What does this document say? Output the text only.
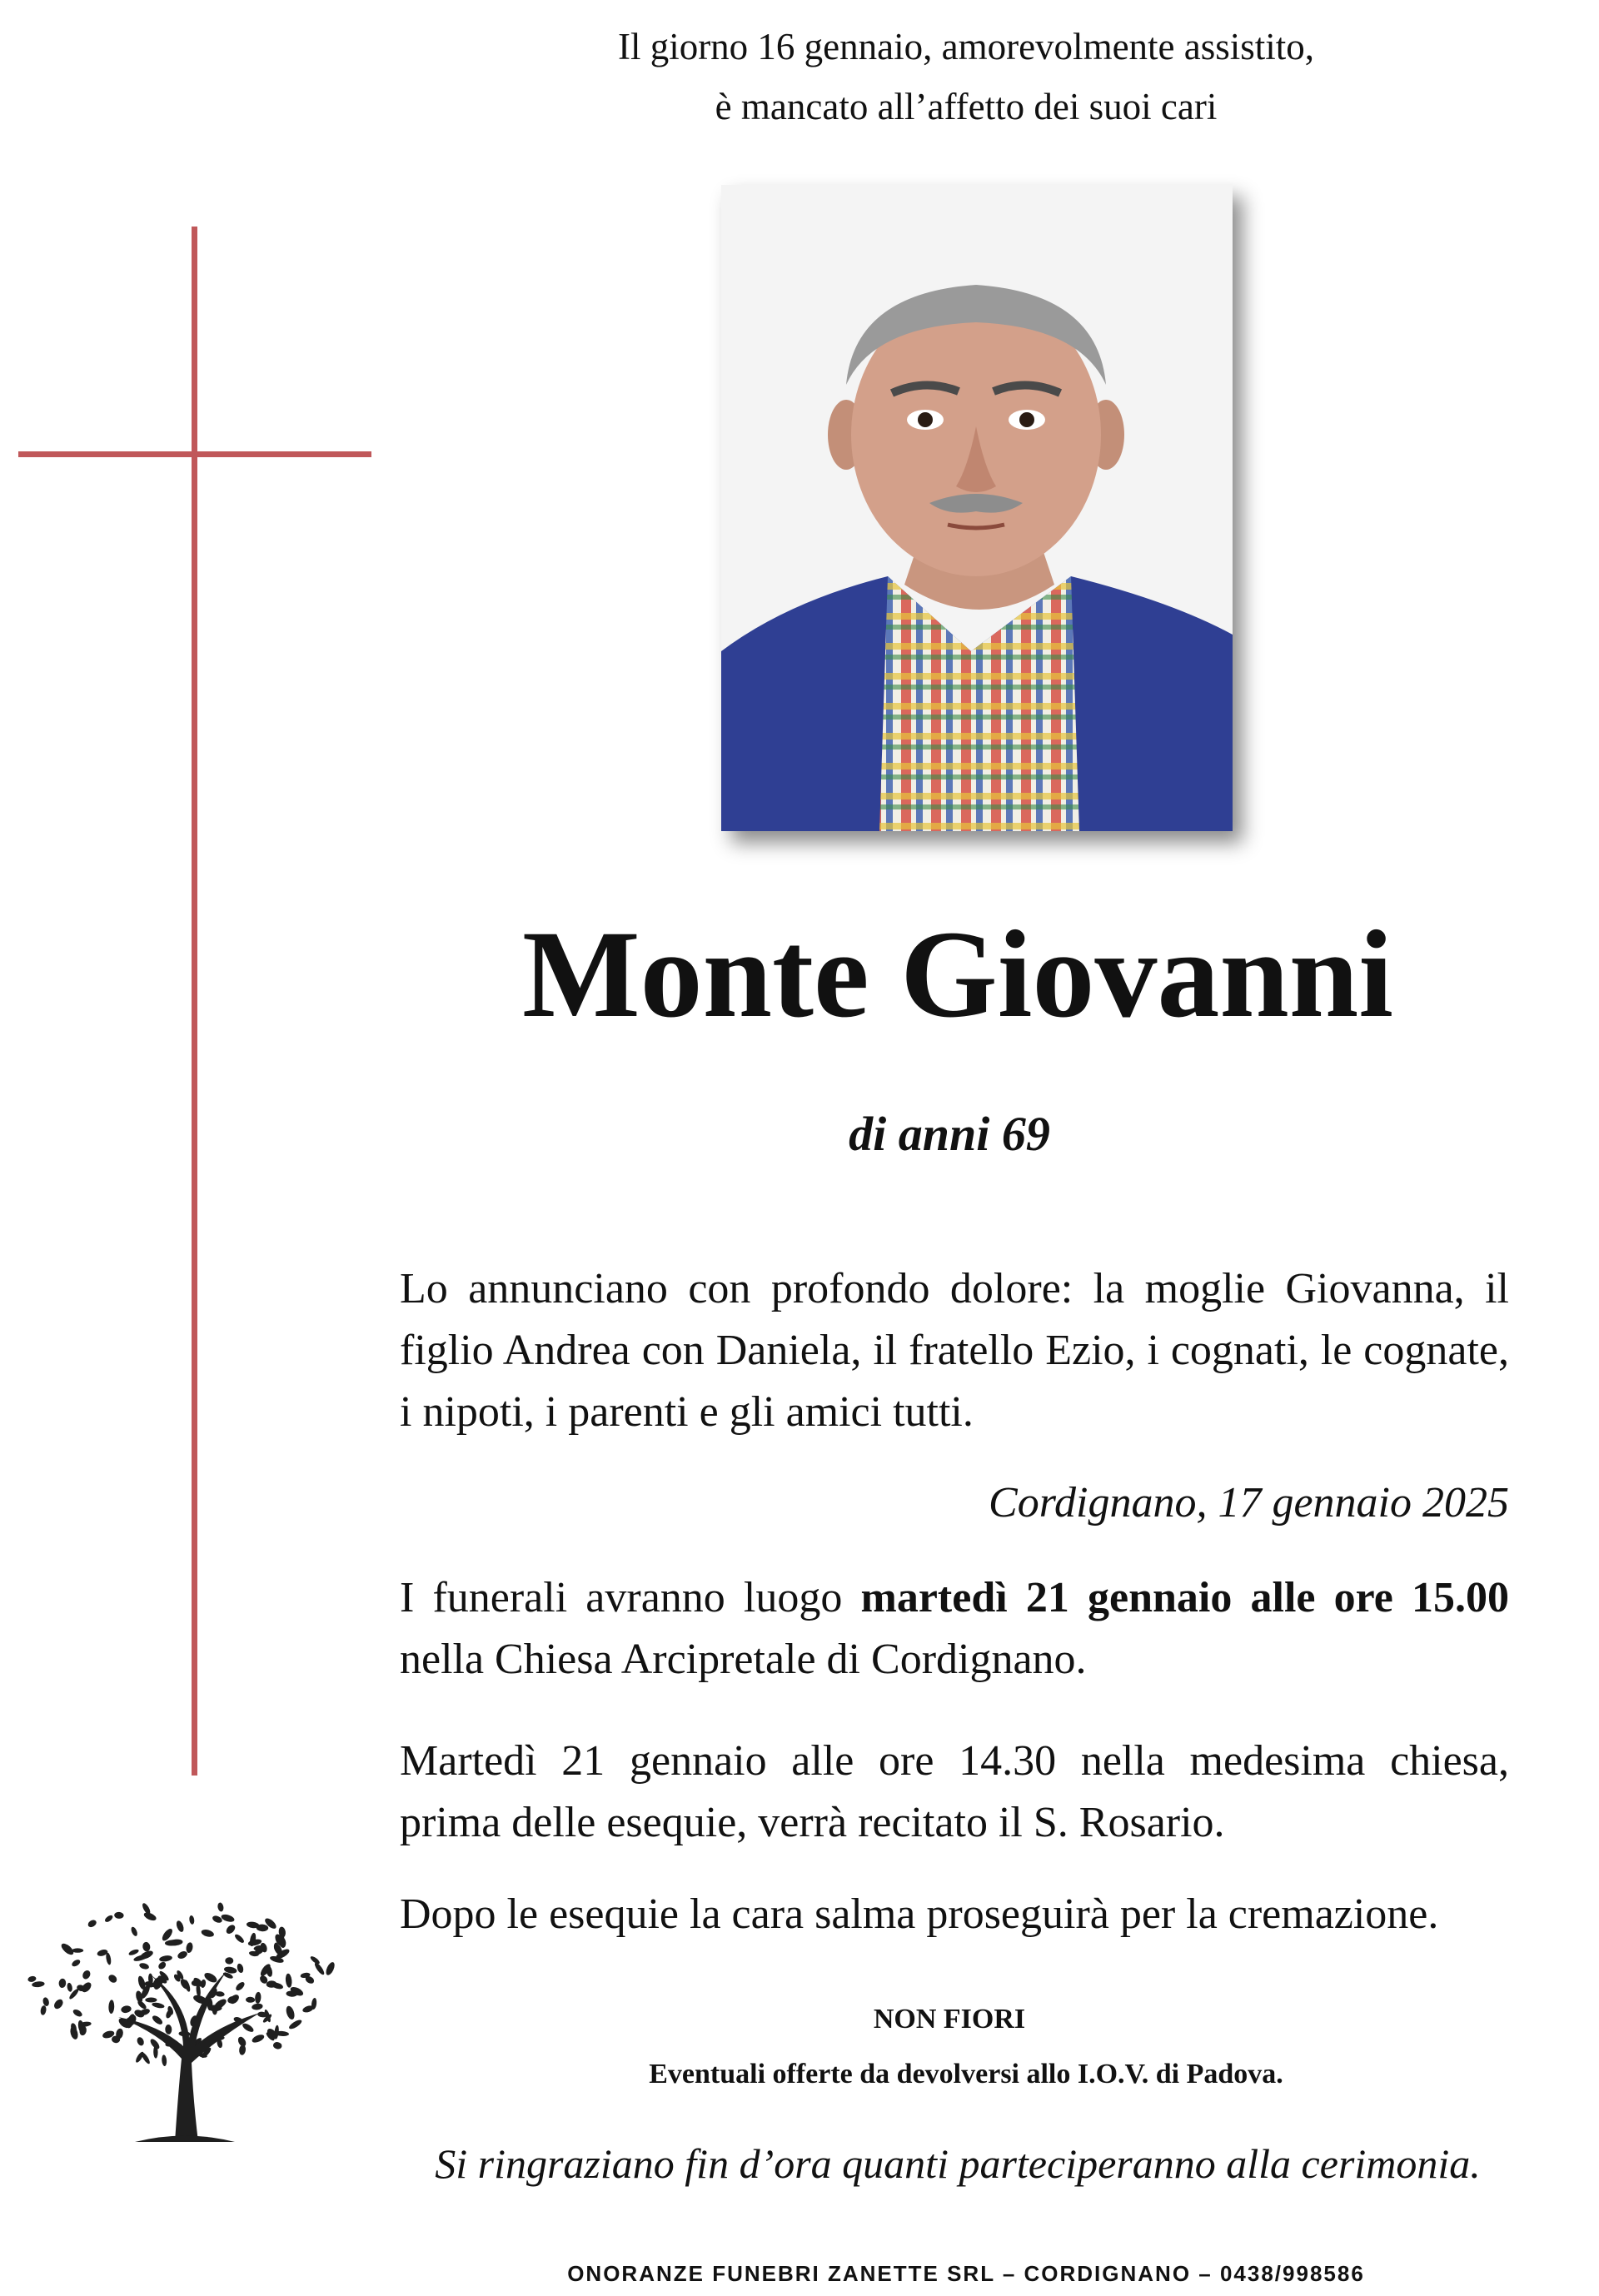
Il giorno 16 gennaio, amorevolmente assistito,
è mancato all’affetto dei suoi cari
Monte Giovanni
di anni 69
Lo annunciano con profondo dolore: la moglie Giovanna, il figlio Andrea con Daniela, il fratello Ezio, i cognati, le cognate, i nipoti, i parenti e gli amici tutti.
Cordignano, 17 gennaio 2025
I funerali avranno luogo martedì 21 gennaio alle ore 15.00 nella Chiesa Arcipretale di Cordignano.
Martedì 21 gennaio alle ore 14.30 nella medesima chiesa, prima delle esequie, verrà recitato il S. Rosario.
Dopo le esequie la cara salma proseguirà per la cremazione.
NON FIORI
Eventuali offerte da devolversi allo I.O.V. di Padova.
Si ringraziano fin d’ora quanti parteciperanno alla cerimonia.
ONORANZE FUNEBRI ZANETTE SRL – CORDIGNANO – 0438/998586
